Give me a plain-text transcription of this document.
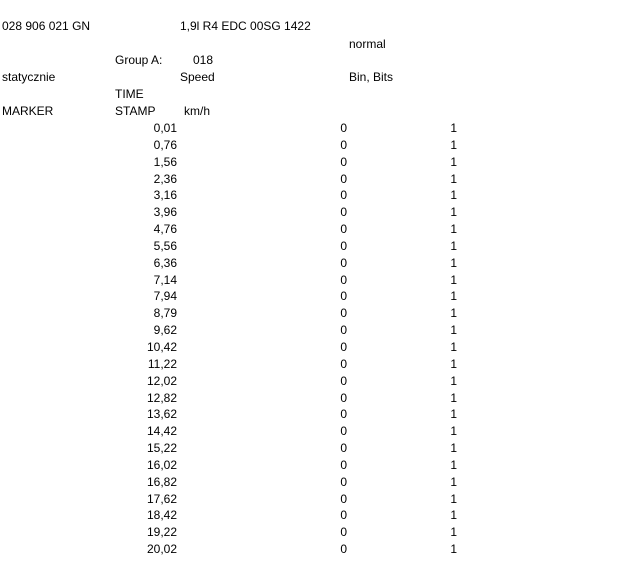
028 906 021 GN	1,9l R4 EDC 00SG 1422
normal
Group A:	018
statycznie	Speed	Bin, Bits
TIME
MARKER	STAMP km/h
0,01	0	1
0,76	0	1
1,56	0	1
2,36	0	1
3,16	0	1
3,96	0	1
4,76	0	1
5,56	0	1
6,36	0	1
7,14	0	1
7,94	0	1
8,79	0	1
9,62	0	1
10,42	0	1
11,22	0	1
12,02	0	1
12,82	0	1
13,62	0	1
14,42	0	1
15,22	0	1
16,02	0	1
16,82	0	1
17,62	0	1
18,42	0	1
19,22	0	1
20,02	0	1
